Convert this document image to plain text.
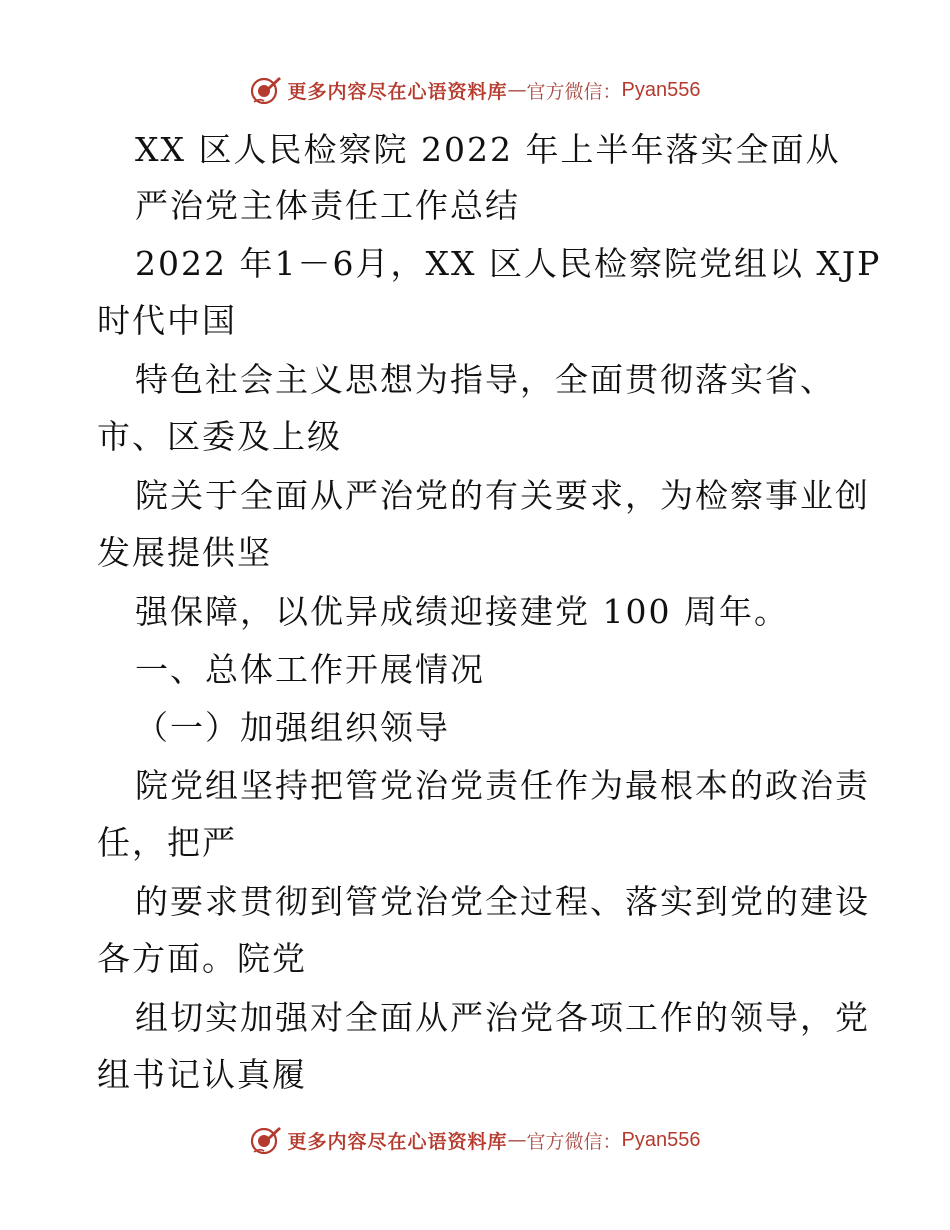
更多内容尽在心语资料库 — 官方微信： Pyan556
XX 区人民检察院 2022 年上半年落实全面从
严治党主体责任工作总结
2022 年1－6月，XX 区人民检察院党组以 XJP
时代中国
特色社会主义思想为指导，全面贯彻落实省、
市、区委及上级
院关于全面从严治党的有关要求，为检察事业创
发展提供坚
强保障，以优异成绩迎接建党 100 周年。
一、总体工作开展情况
（一）加强组织领导
院党组坚持把管党治党责任作为最根本的政治责
任，把严
的要求贯彻到管党治党全过程、落实到党的建设
各方面。院党
组切实加强对全面从严治党各项工作的领导，党
组书记认真履
更多内容尽在心语资料库 — 官方微信： Pyan556
